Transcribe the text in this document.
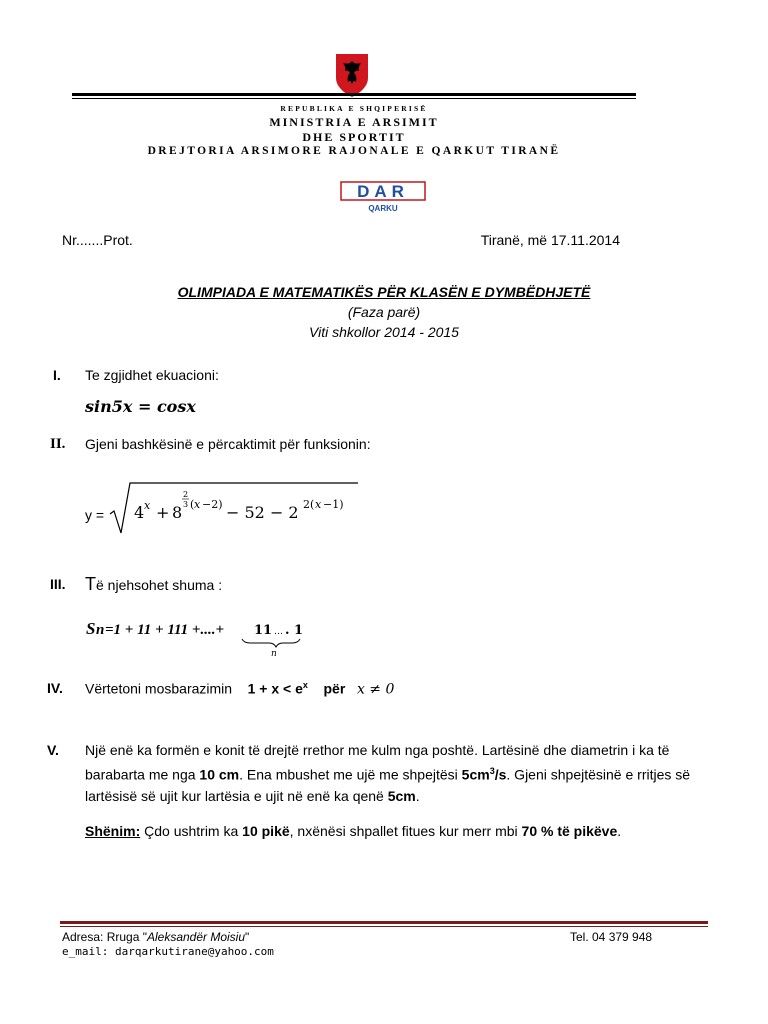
REPUBLIKA E SHQIPERISË
MINISTRIA E ARSIMIT
DHE SPORTIT
DREJTORIA ARSIMORE RAJONALE E QARKUT TIRANË
DAR
QARKU
Nr.......Prot.	Tiranë, më 17.11.2014
OLIMPIADA E MATEMATIKËS PËR KLASËN E DYMBËDHJETË
(Faza parë)
Viti shkollor 2014 - 2015
I. Te zgjidhet ekuacioni:
sin5x = cosx
II. Gjeni bashkësinë e përcaktimit për funksionin:
y = 4 x + 8
2
3 ( x −2) − 52 − 2 2( x −1)
III. Të njehsohet shuma :
S n =1 + 11 + 111 +....+ 11 … . 1
n
IV. Vërtetoni mosbarazimin $1 + x < e^x$ për x ≠ 0
V. Një enë ka formën e konit të drejtë rrethor me kulm nga poshtë. Lartësinë dhe diametrin i ka të barabarta me nga 10 cm. Ena mbushet me ujë me shpejtësi $5cm^3/s$. Gjeni shpejtësinë e rritjes së lartësisë së ujit kur lartësia e ujit në enë ka qenë 5cm.
Shënim: Çdo ushtrim ka 10 pikë, nxënësi shpallet fitues kur merr mbi 70 % të pikëve.
Adresa: Rruga "Aleksandër Moisiu"	Tel. 04 379 948
e_mail: darqarkutirane@yahoo.com
